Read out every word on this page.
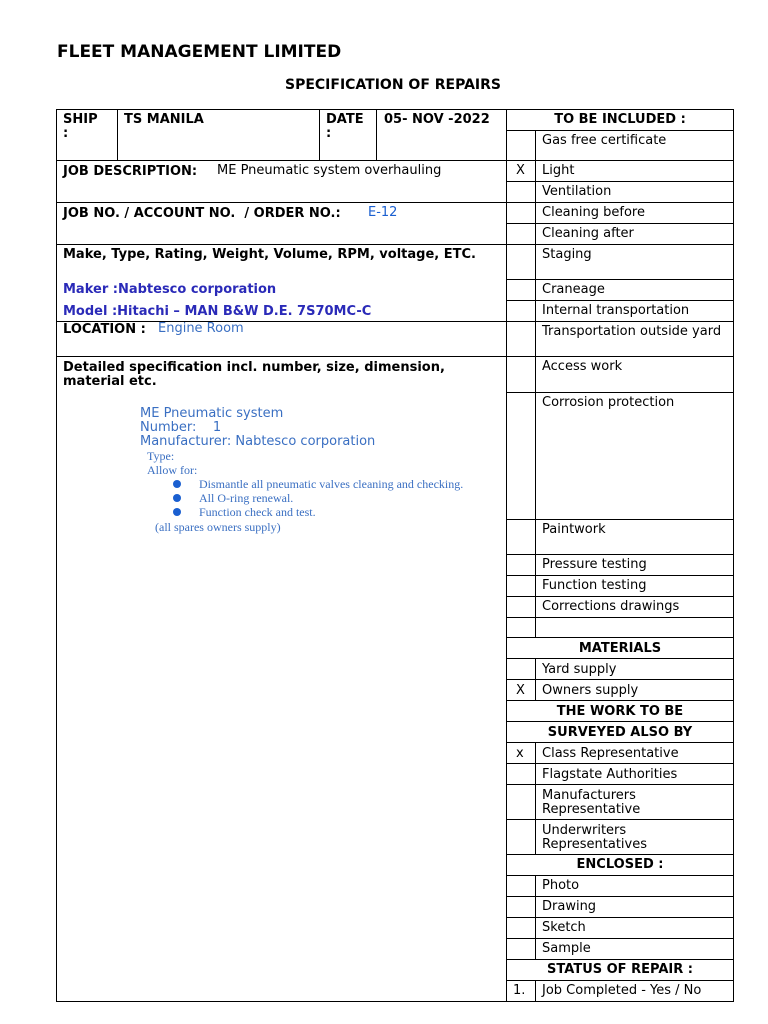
FLEET MANAGEMENT LIMITED
SPECIFICATION OF REPAIRS
SHIP
:
TS MANILA	DATE
:
05- NOV -2022
JOB DESCRIPTION: ME Pneumatic system overhauling
JOB NO. / ACCOUNT NO.  / ORDER NO.: E-12
Make, Type, Rating, Weight, Volume, RPM, voltage, ETC.
Maker :Nabtesco corporation
Model :Hitachi – MAN B&W D.E. 7S70MC-C
LOCATION : Engine Room
Detailed specification incl. number, size, dimension, material etc.
ME Pneumatic system
Number:    1
Manufacturer: Nabtesco corporation
Type:
Allow for:
Dismantle all pneumatic valves cleaning and checking.
All O-ring renewal.
Function check and test.
(all spares owners supply)
TO BE INCLUDED :
Gas free certificate
X Light
Ventilation
Cleaning before
Cleaning after
Staging
Craneage
Internal transportation
Transportation outside yard
Access work
Corrosion protection
Paintwork
Pressure testing
Function testing
Corrections drawings
MATERIALS
Yard supply
X Owners supply
THE WORK TO BE
SURVEYED ALSO BY
x Class Representative
Flagstate Authorities
Manufacturers Representative
Underwriters Representatives
ENCLOSED :
Photo
Drawing
Sketch
Sample
STATUS OF REPAIR :
1. Job Completed - Yes / No
